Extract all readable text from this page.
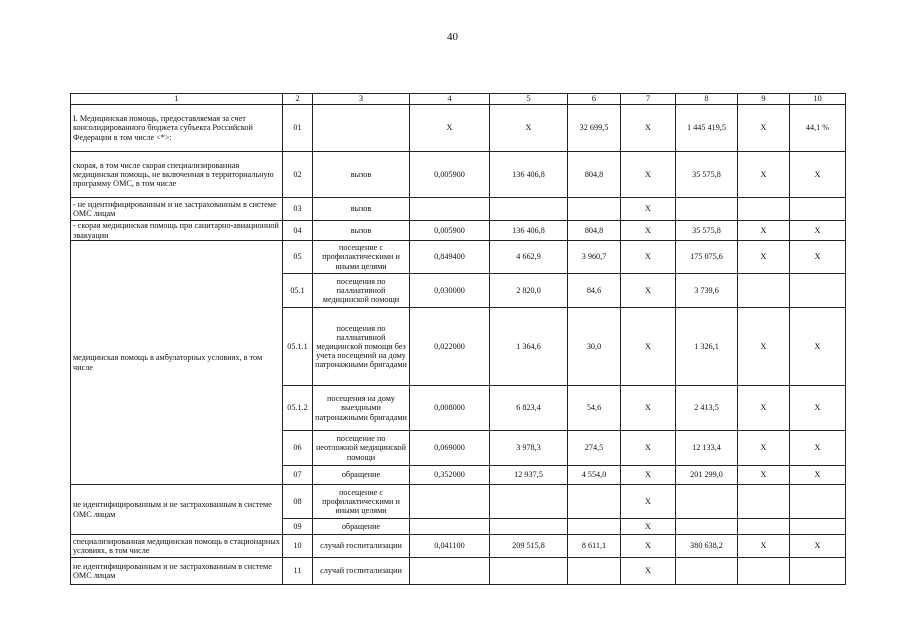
40
1	2	3	4	5	6	7	8	9	10
I. Медицинская помощь, предоставляемая за счет консолидированного бюджета субъекта Российской Федерации в том числе <*>:	01		Х	Х	32 699,5	Х	1 445 419,5	Х	44,1 %
скорая, в том числе скорая специализированная медицинская помощь, не включенная в территориальную программу ОМС, в том числе	02	вызов	0,005900	136 406,8	804,8	Х	35 575,8	Х	Х
- не идентифицированным и не застрахованным в системе ОМС лицам	03	вызов				Х			
- скорая медицинская помощь при санитарно-авиационной эвакуации	04	вызов	0,005900	136 406,8	804,8	Х	35 575,8	Х	Х
медицинская помощь в амбулаторных условиях, в том числе	05	посещение с профилактическими и иными целями	0,849400	4 662,9	3 960,7	Х	175 075,6	Х	Х
	05.1	посещения по паллиативной медицинской помощи	0,030000	2 820,0	84,6	Х	3 739,6		
	05.1.1	посещения по паллиативной медицинской помощи без учета посещений на дому патронажными бригадами	0,022000	1 364,6	30,0	Х	1 326,1	Х	Х
	05.1.2	посещения на дому выездными патронажными бригадами	0,008000	6 823,4	54,6	Х	2 413,5	Х	Х
	06	посещение по неотложной медицинской помощи	0,069000	3 978,3	274,5	Х	12 133,4	Х	Х
	07	обращение	0,352000	12 937,5	4 554,0	Х	201 299,0	Х	Х
не идентифицированным и не застрахованным в системе ОМС лицам	08	посещение с профилактическими и иными целями				Х			
	09	обращение				Х			
специализированная медицинская помощь в стационарных условиях, в том числе	10	случай госпитализации	0,041100	209 515,8	8 611,1	Х	380 638,2	Х	Х
не идентифицированным и не застрахованным в системе ОМС лицам	11	случай госпитализации				Х			
